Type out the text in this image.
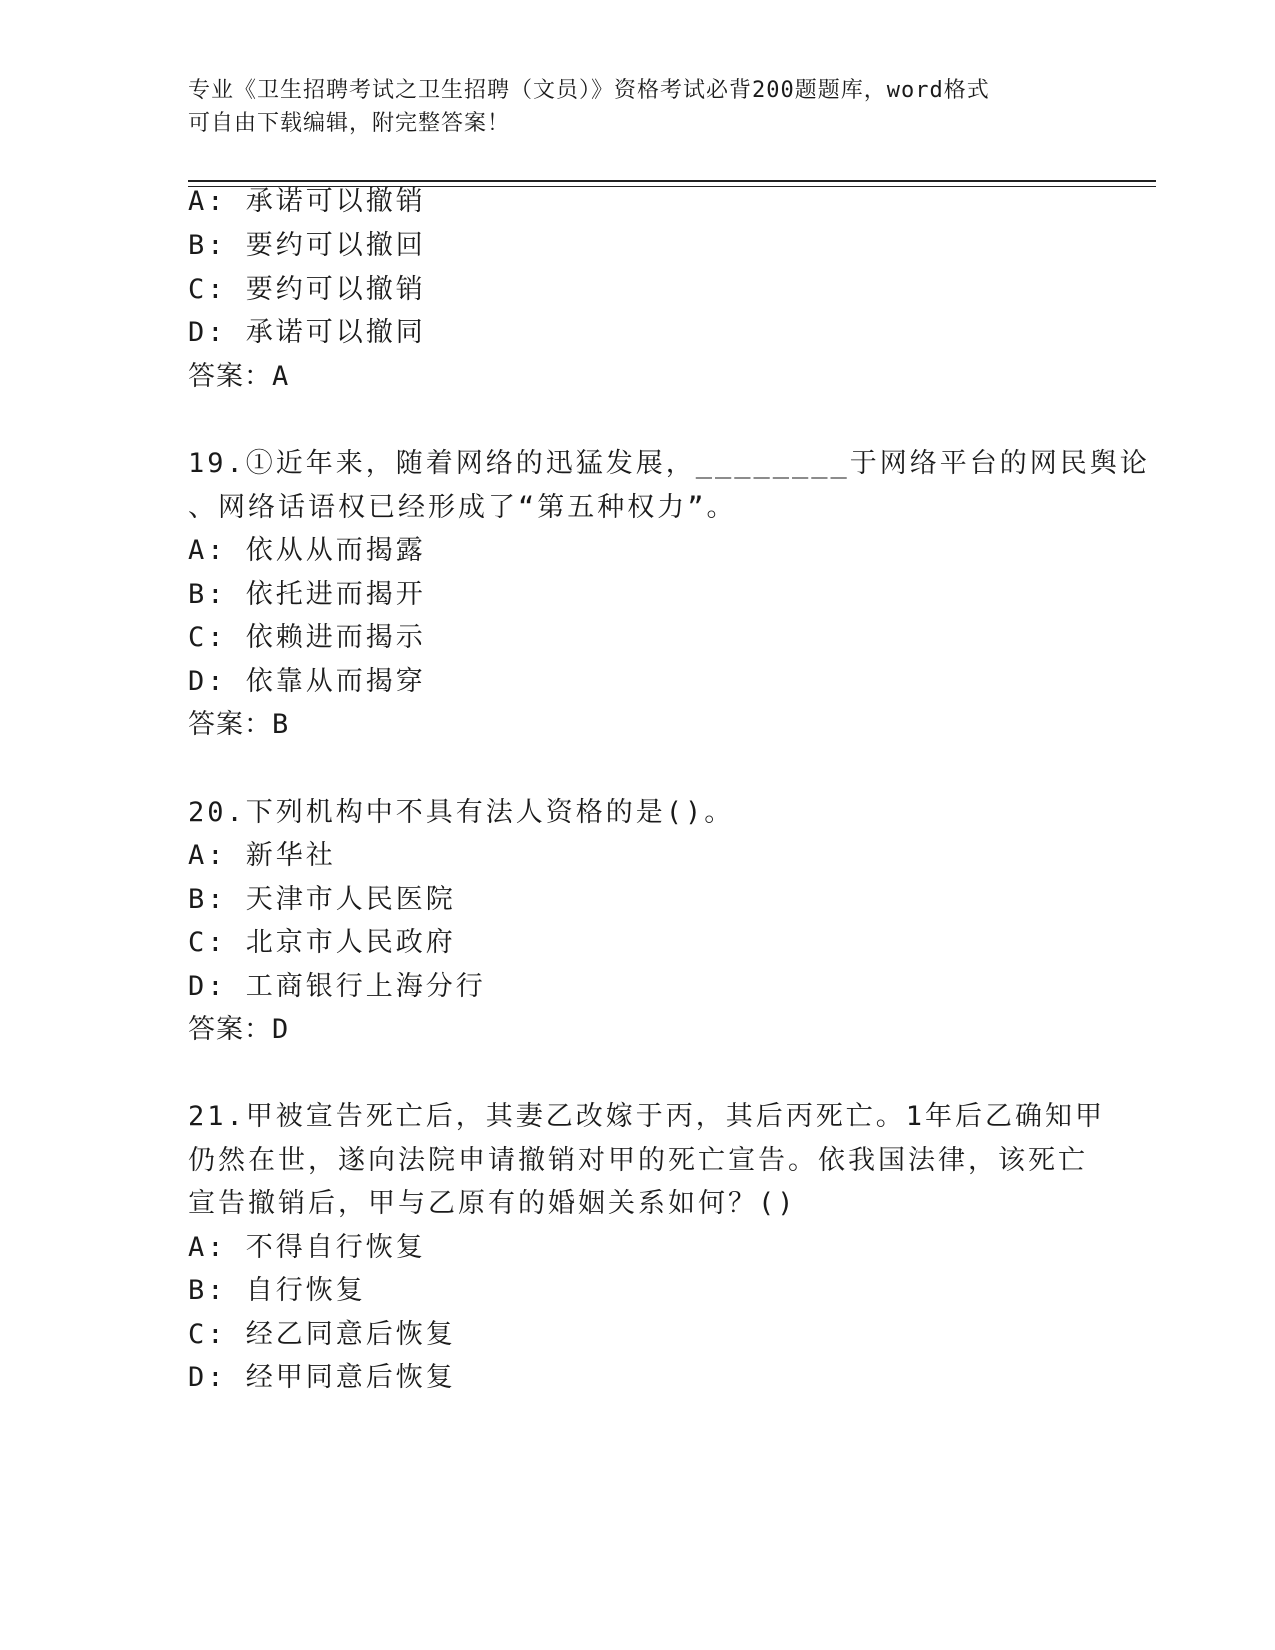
专业《卫生招聘考试之卫生招聘（文员）》资格考试必背200题题库，word格式
可自由下载编辑，附完整答案！
A: 承诺可以撤销
B: 要约可以撤回
C: 要约可以撤销
D: 承诺可以撤同
答案：A
19.①近年来，随着网络的迅猛发展，________于网络平台的网民舆论
、网络话语权已经形成了“第五种权力”。
A: 依从从而揭露
B: 依托进而揭开
C: 依赖进而揭示
D: 依靠从而揭穿
答案：B
20.下列机构中不具有法人资格的是()。
A: 新华社
B: 天津市人民医院
C: 北京市人民政府
D: 工商银行上海分行
答案：D
21.甲被宣告死亡后，其妻乙改嫁于丙，其后丙死亡。1年后乙确知甲
仍然在世，遂向法院申请撤销对甲的死亡宣告。依我国法律，该死亡
宣告撤销后，甲与乙原有的婚姻关系如何？()
A: 不得自行恢复
B: 自行恢复
C: 经乙同意后恢复
D: 经甲同意后恢复
